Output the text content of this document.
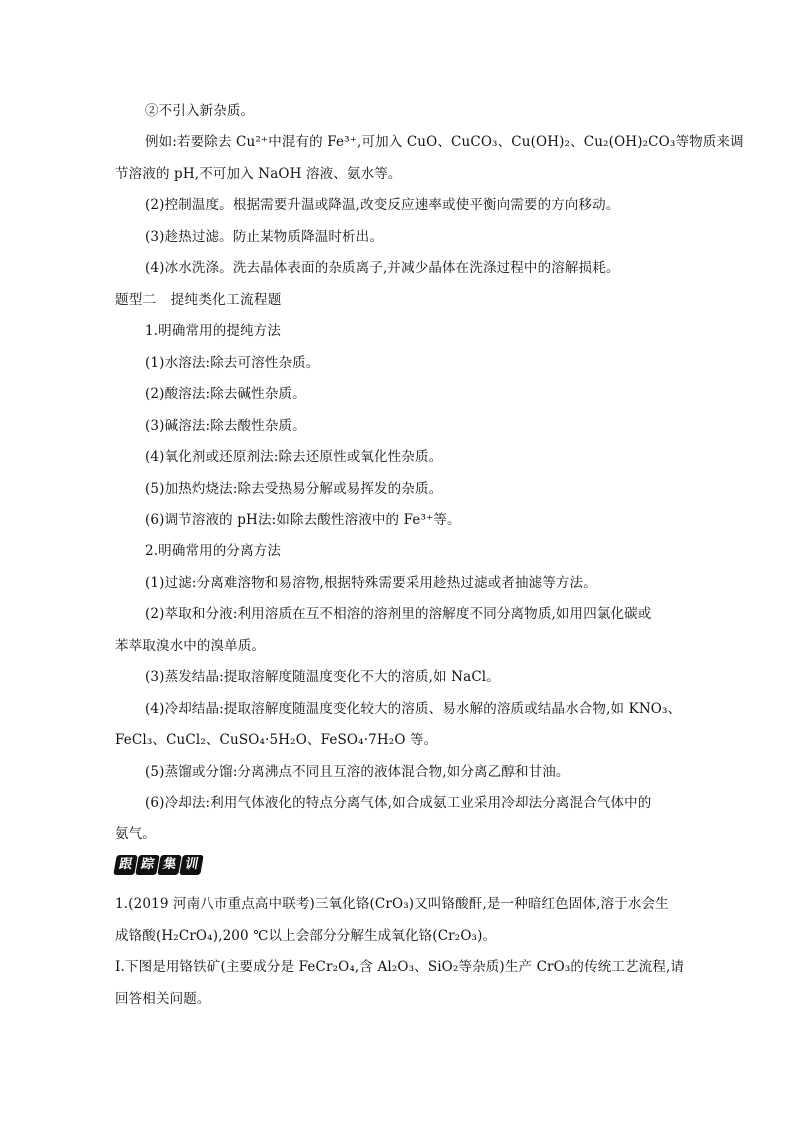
②不引入新杂质。
例如:若要除去 Cu²⁺中混有的 Fe³⁺,可加入 CuO、CuCO₃、Cu(OH)₂、Cu₂(OH)₂CO₃等物质来调
节溶液的 pH,不可加入 NaOH 溶液、氨水等。
(2)控制温度。根据需要升温或降温,改变反应速率或使平衡向需要的方向移动。
(3)趁热过滤。防止某物质降温时析出。
(4)冰水洗涤。洗去晶体表面的杂质离子,并减少晶体在洗涤过程中的溶解损耗。
题型二　提纯类化工流程题
1.明确常用的提纯方法
(1)水溶法:除去可溶性杂质。
(2)酸溶法:除去碱性杂质。
(3)碱溶法:除去酸性杂质。
(4)氧化剂或还原剂法:除去还原性或氧化性杂质。
(5)加热灼烧法:除去受热易分解或易挥发的杂质。
(6)调节溶液的 pH法:如除去酸性溶液中的 Fe³⁺等。
2.明确常用的分离方法
(1)过滤:分离难溶物和易溶物,根据特殊需要采用趁热过滤或者抽滤等方法。
(2)萃取和分液:利用溶质在互不相溶的溶剂里的溶解度不同分离物质,如用四氯化碳或
苯萃取溴水中的溴单质。
(3)蒸发结晶:提取溶解度随温度变化不大的溶质,如 NaCl。
(4)冷却结晶:提取溶解度随温度变化较大的溶质、易水解的溶质或结晶水合物,如 KNO₃、
FeCl₃、CuCl₂、CuSO₄·5H₂O、FeSO₄·7H₂O 等。
(5)蒸馏或分馏:分离沸点不同且互溶的液体混合物,如分离乙醇和甘油。
(6)冷却法:利用气体液化的特点分离气体,如合成氨工业采用冷却法分离混合气体中的
氨气。
跟 踪 集 训
1.(2019 河南八市重点高中联考)三氧化铬(CrO₃)又叫铬酸酐,是一种暗红色固体,溶于水会生
成铬酸(H₂CrO₄),200 ℃以上会部分分解生成氧化铬(Cr₂O₃)。
Ⅰ.下图是用铬铁矿(主要成分是 FeCr₂O₄,含 Al₂O₃、SiO₂等杂质)生产 CrO₃的传统工艺流程,请
回答相关问题。
